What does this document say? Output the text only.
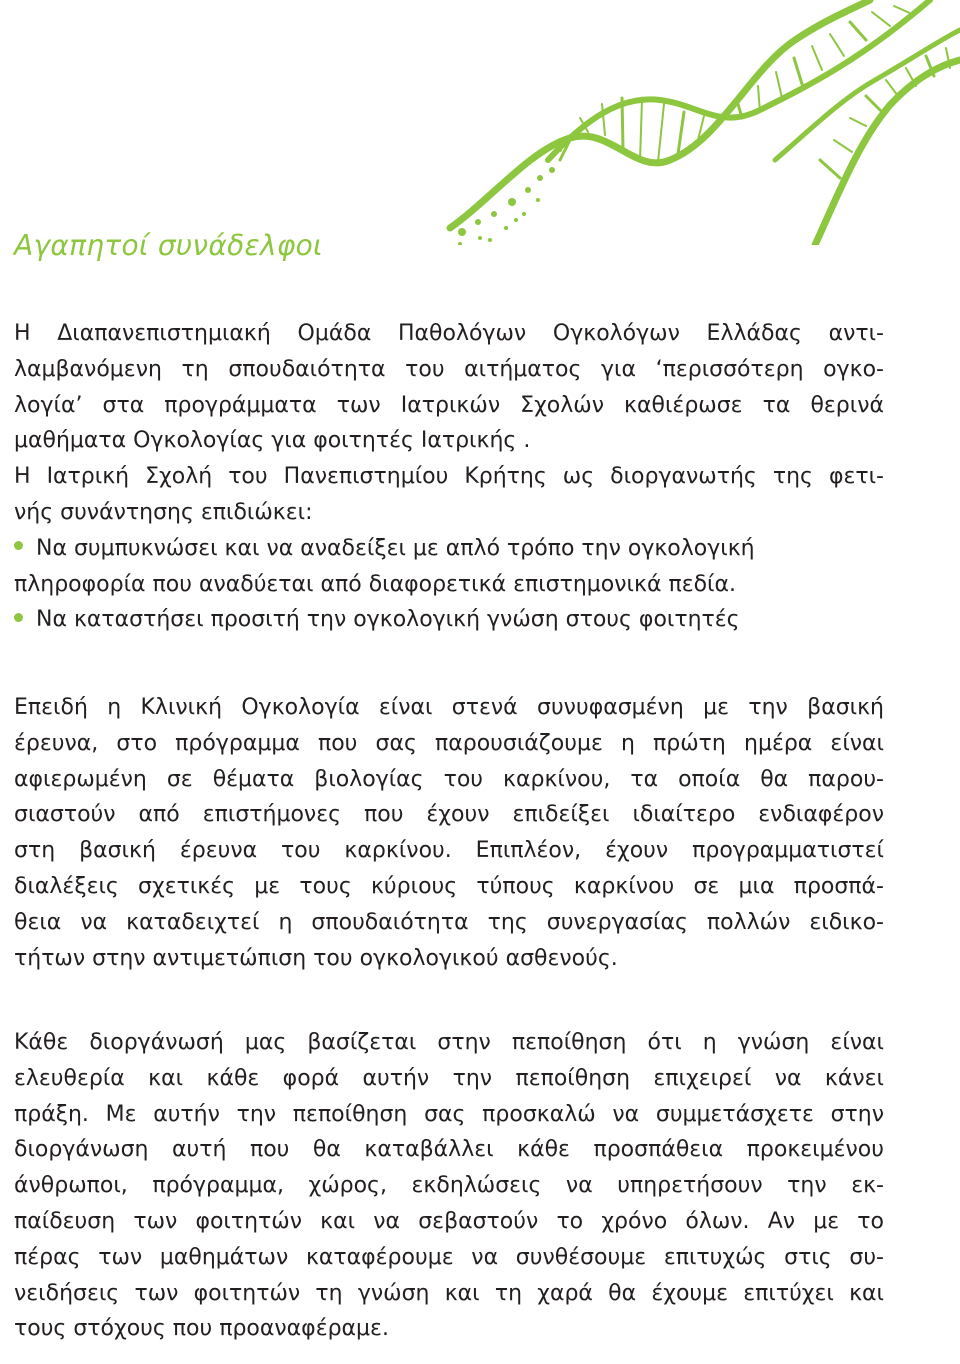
Αγαπητοί συνάδελφοι
Η Διαπανεπιστημιακή Ομάδα Παθολόγων Ογκολόγων Ελλάδας αντι-
λαμβανόμενη τη σπουδαιότητα του αιτήματος για ‘περισσότερη ογκο-
λογία’ στα προγράμματα των Ιατρικών Σχολών καθιέρωσε τα θερινά
μαθήματα Ογκολογίας για φοιτητές Ιατρικής .
Η Ιατρική Σχολή του Πανεπιστημίου Κρήτης ως διοργανωτής της φετι-
νής συνάντησης επιδιώκει:
Να συμπυκνώσει και να αναδείξει με απλό τρόπο την ογκολογική
πληροφορία που αναδύεται από διαφορετικά επιστημονικά πεδία.
Να καταστήσει προσιτή την ογκολογική γνώση στους φοιτητές
Επειδή η Κλινική Ογκολογία είναι στενά συνυφασμένη με την βασική
έρευνα, στο πρόγραμμα που σας παρουσιάζουμε η πρώτη ημέρα είναι
αφιερωμένη σε θέματα βιολογίας του καρκίνου, τα οποία θα παρου-
σιαστούν από επιστήμονες που έχουν επιδείξει ιδιαίτερο ενδιαφέρον
στη βασική έρευνα του καρκίνου. Επιπλέον, έχουν προγραμματιστεί
διαλέξεις σχετικές με τους κύριους τύπους καρκίνου σε μια προσπά-
θεια να καταδειχτεί η σπουδαιότητα της συνεργασίας πολλών ειδικο-
τήτων στην αντιμετώπιση του ογκολογικού ασθενούς.
Κάθε διοργάνωσή μας βασίζεται στην πεποίθηση ότι η γνώση είναι
ελευθερία και κάθε φορά αυτήν την πεποίθηση επιχειρεί να κάνει
πράξη. Με αυτήν την πεποίθηση σας προσκαλώ να συμμετάσχετε στην
διοργάνωση αυτή που θα καταβάλλει κάθε προσπάθεια προκειμένου
άνθρωποι, πρόγραμμα, χώρος, εκδηλώσεις να υπηρετήσουν την εκ-
παίδευση των φοιτητών και να σεβαστούν το χρόνο όλων. Αν με το
πέρας των μαθημάτων καταφέρουμε να συνθέσουμε επιτυχώς στις συ-
νειδήσεις των φοιτητών τη γνώση και τη χαρά θα έχουμε επιτύχει και
τους στόχους που προαναφέραμε.
